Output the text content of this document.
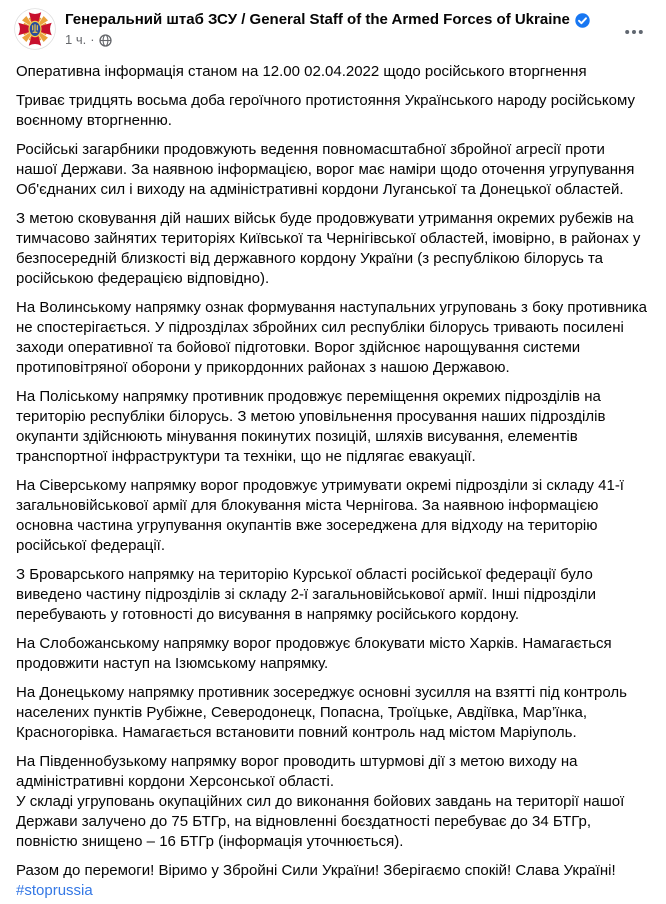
Генеральний штаб ЗСУ / General Staff of the Armed Forces of Ukraine
1 ч. ·

Оперативна інформація станом на 12.00 02.04.2022 щодо російського вторгнення

Триває тридцять восьма доба героїчного протистояння Українського народу російському воєнному вторгненню.

Російські загарбники продовжують ведення повномасштабної збройної агресії проти нашої Держави. За наявною інформацією, ворог має наміри щодо оточення угрупування Об'єднаних сил і виходу на адміністративні кордони Луганської та Донецької областей.

З метою сковування дій наших військ буде продовжувати утримання окремих рубежів на тимчасово зайнятих територіях Київської та Чернігівської областей, імовірно, в районах у безпосередній близкості від державного кордону України (з республікою білорусь та російською федерацією відповідно).

На Волинському напрямку ознак формування наступальних угруповань з боку противника не спостерігається. У підрозділах збройних сил республіки білорусь тривають посилені заходи оперативної та бойової підготовки. Ворог здійснює нарощування системи протиповітряної оборони у прикордонних районах з нашою Державою.

На Поліському напрямку противник продовжує переміщення окремих підрозділів на територію республіки білорусь. З метою уповільнення просування наших підрозділів окупанти здійснюють мінування покинутих позицій, шляхів висування, елементів транспортної інфраструктури та техніки, що не підлягає евакуації.

На Сіверському напрямку ворог продовжує утримувати окремі підрозділи зі складу 41-ї загальновійськової армії для блокування міста Чернігова. За наявною інформацією основна частина угрупування окупантів вже зосереджена для відходу на територію російської федерації.

З Броварського напрямку на територію Курської області російської федерації було виведено частину підрозділів зі складу 2-ї загальновійськової армії. Інші підрозділи перебувають у готовності до висування в напрямку російського кордону.

На Слобожанському напрямку ворог продовжує блокувати місто Харків. Намагається продовжити наступ на Ізюмському напрямку.

На Донецькому напрямку противник зосереджує основні зусилля на взятті під контроль населених пунктів Рубіжне, Северодонецк, Попасна, Троїцьке, Авдіївка, Мар’їнка, Красногорівка. Намагається встановити повний контроль над містом Маріуполь.

На Південнобузькому напрямку ворог проводить штурмові дії з метою виходу на адміністративні кордони Херсонської області.

У складі угруповань окупаційних сил до виконання бойових завдань на території нашої Держави залучено до 75 БТГр, на відновленні боєздатності перебуває до 34 БТГр, повністю знищено – 16 БТГр (інформація уточнюється).

Разом до перемоги! Віримо у Збройні Сили України! Зберігаємо спокій! Слава Україні! #stoprussia
